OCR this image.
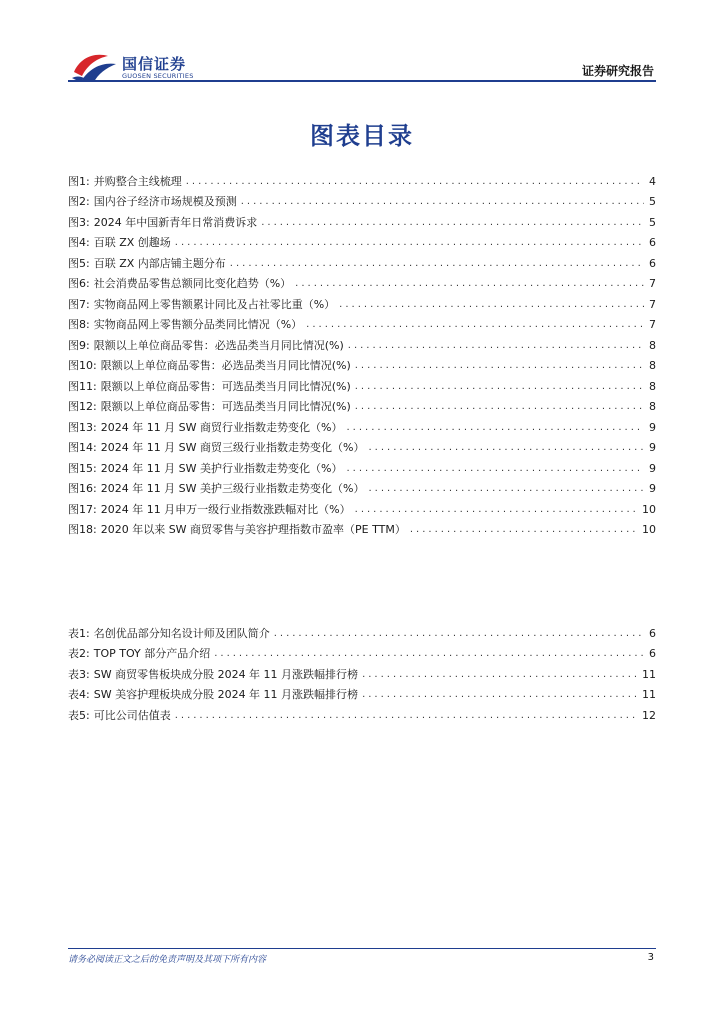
国信证券
GUOSEN SECURITIES	证券研究报告
图表目录
图1: 并购整合主线梳理 .....	4
图2: 国内谷子经济市场规模及预测 .....	5
图3: 2024 年中国新青年日常消费诉求 .....	5
图4: 百联 ZX 创趣场 .....	6
图5: 百联 ZX 内部店铺主题分布 .....	6
图6: 社会消费品零售总额同比变化趋势（%） .....	7
图7: 实物商品网上零售额累计同比及占社零比重（%） .....	7
图8: 实物商品网上零售额分品类同比情况（%） .....	7
图9: 限额以上单位商品零售：必选品类当月同比情况(%) .....	8
图10: 限额以上单位商品零售：必选品类当月同比情况(%) .....	8
图11: 限额以上单位商品零售：可选品类当月同比情况(%) .....	8
图12: 限额以上单位商品零售：可选品类当月同比情况(%) .....	8
图13: 2024 年 11 月 SW 商贸行业指数走势变化（%） .....	9
图14: 2024 年 11 月 SW 商贸三级行业指数走势变化（%） .....	9
图15: 2024 年 11 月 SW 美护行业指数走势变化（%） .....	9
图16: 2024 年 11 月 SW 美护三级行业指数走势变化（%） .....	9
图17: 2024 年 11 月申万一级行业指数涨跌幅对比（%） .....	10
图18: 2020 年以来 SW 商贸零售与美容护理指数市盈率（PE TTM） .....	10
表1: 名创优品部分知名设计师及团队简介 .....	6
表2: TOP TOY 部分产品介绍 .....	6
表3: SW 商贸零售板块成分股 2024 年 11 月涨跌幅排行榜 .....	11
表4: SW 美容护理板块成分股 2024 年 11 月涨跌幅排行榜 .....	11
表5: 可比公司估值表 .....	12
请务必阅读正文之后的免责声明及其项下所有内容	3
